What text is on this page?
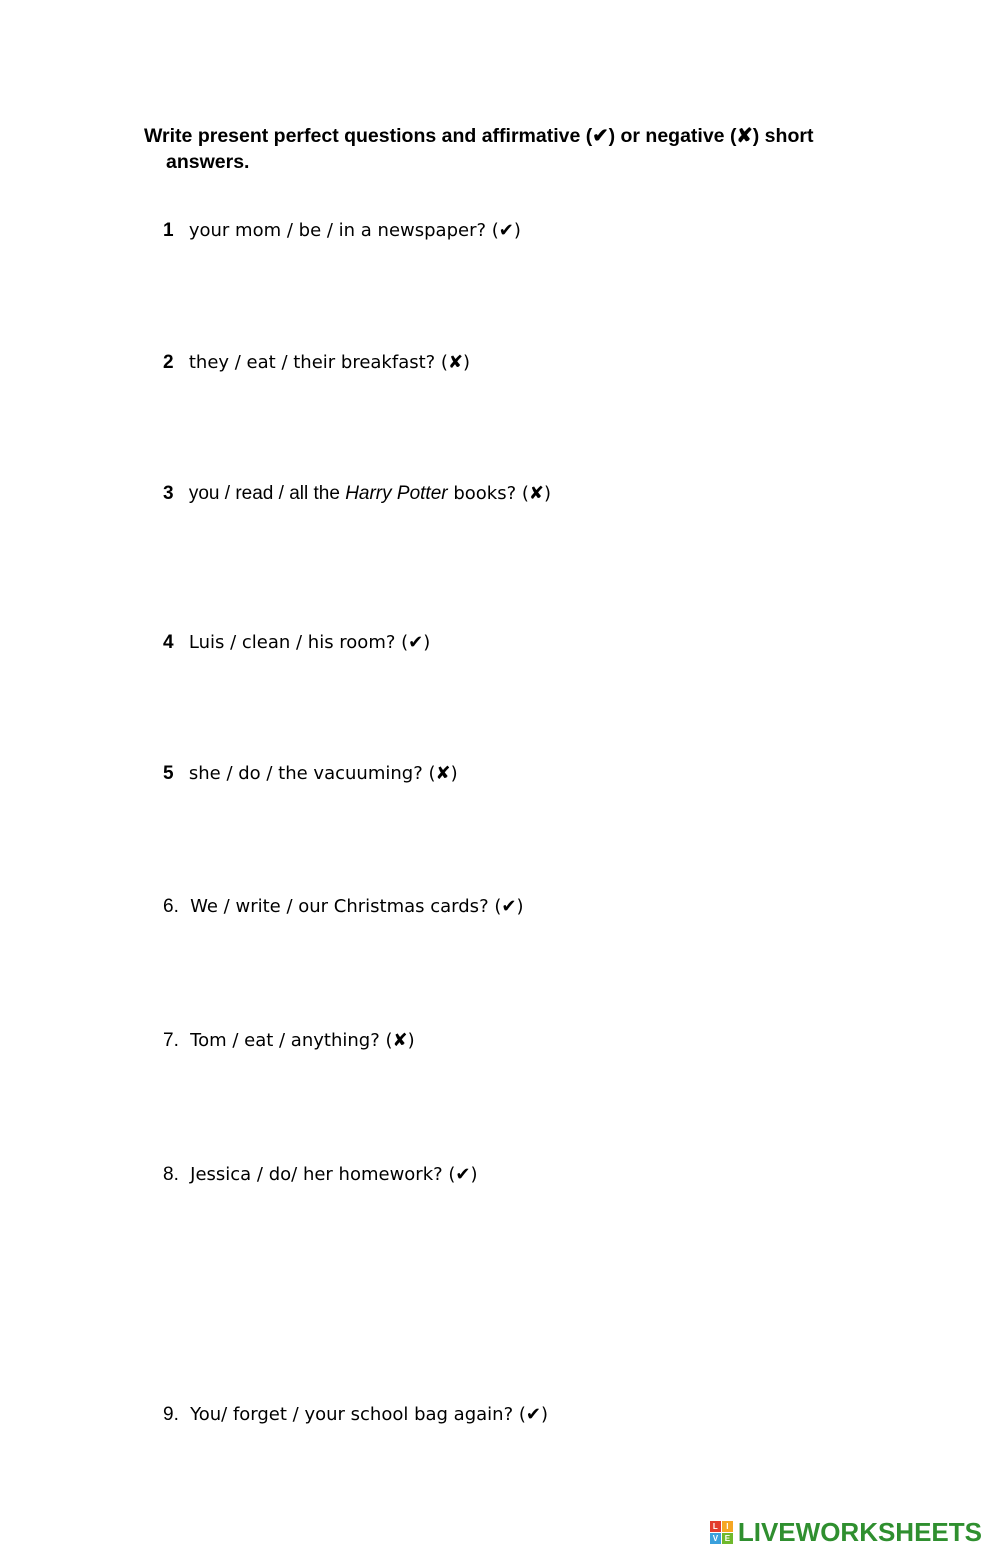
Write present perfect questions and affirmative (✔) or negative (✘) short
answers.
1 your mom / be / in a newspaper? (✔)
2 they / eat / their breakfast? (✘)
3 you / read / all the Harry Potter books? (✘)
4 Luis / clean / his room? (✔)
5 she / do / the vacuuming? (✘)
6. We / write / our Christmas cards? (✔)
7. Tom / eat / anything? (✘)
8. Jessica / do/ her homework? (✔)
9. You/ forget / your school bag again? (✔)
L	I
V E LIVEWORKSHEETS
